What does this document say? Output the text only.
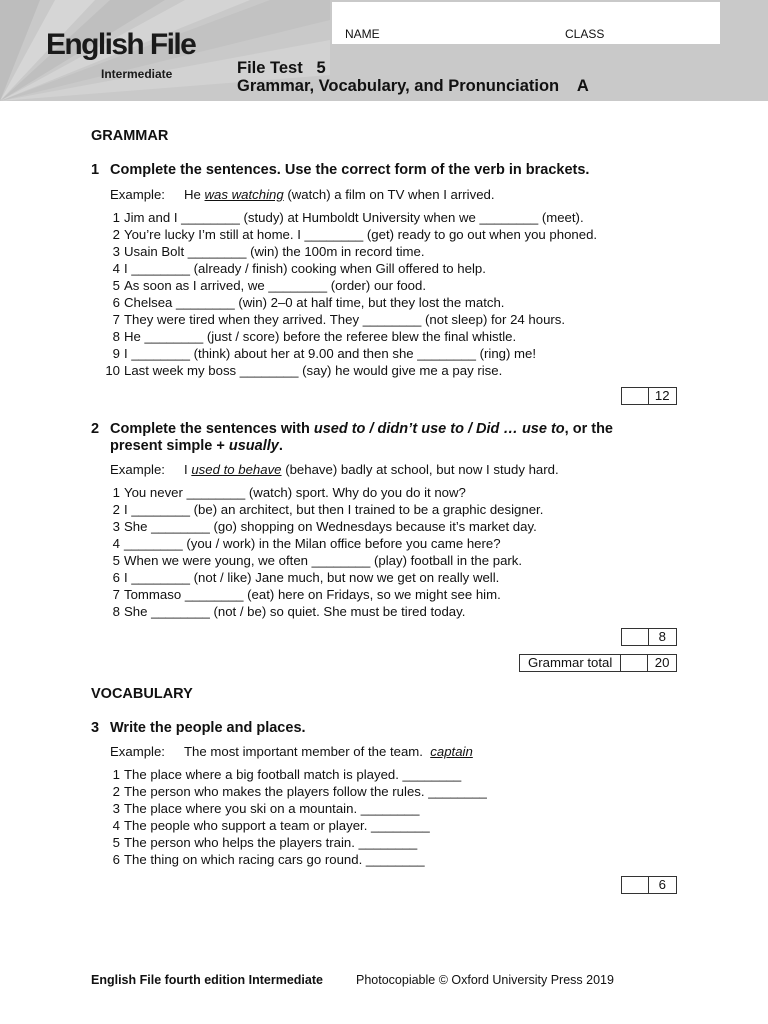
English File
Intermediate
NAME	CLASS
File Test   5
Grammar, Vocabulary, and Pronunciation    A
GRAMMAR
1 Complete the sentences. Use the correct form of the verb in brackets.
Example: He was watching (watch) a film on TV when I arrived.
1 Jim and I ________ (study) at Humboldt University when we ________ (meet).
2 You’re lucky I’m still at home. I ________ (get) ready to go out when you phoned.
3 Usain Bolt ________ (win) the 100m in record time.
4 I ________ (already / finish) cooking when Gill offered to help.
5 As soon as I arrived, we ________ (order) our food.
6 Chelsea ________ (win) 2–0 at half time, but they lost the match.
7 They were tired when they arrived. They ________ (not sleep) for 24 hours.
8 He ________ (just / score) before the referee blew the final whistle.
9 I ________ (think) about her at 9.00 and then she ________ (ring) me!
10 Last week my boss ________ (say) he would give me a pay rise.
12
2 Complete the sentences with used to / didn’t use to / Did … use to, or the
present simple + usually.
Example: I used to behave (behave) badly at school, but now I study hard.
1 You never ________ (watch) sport. Why do you do it now?
2 I ________ (be) an architect, but then I trained to be a graphic designer.
3 She ________ (go) shopping on Wednesdays because it’s market day.
4 ________ (you / work) in the Milan office before you came here?
5 When we were young, we often ________ (play) football in the park.
6 I ________ (not / like) Jane much, but now we get on really well.
7 Tommaso ________ (eat) here on Fridays, so we might see him.
8 She ________ (not / be) so quiet. She must be tired today.
8
Grammar total	20
VOCABULARY
3 Write the people and places.
Example: The most important member of the team.  captain
1 The place where a big football match is played. ________
2 The person who makes the players follow the rules. ________
3 The place where you ski on a mountain. ________
4 The people who support a team or player. ________
5 The person who helps the players train. ________
6 The thing on which racing cars go round. ________
6
English File fourth edition Intermediate	Photocopiable © Oxford University Press 2019
